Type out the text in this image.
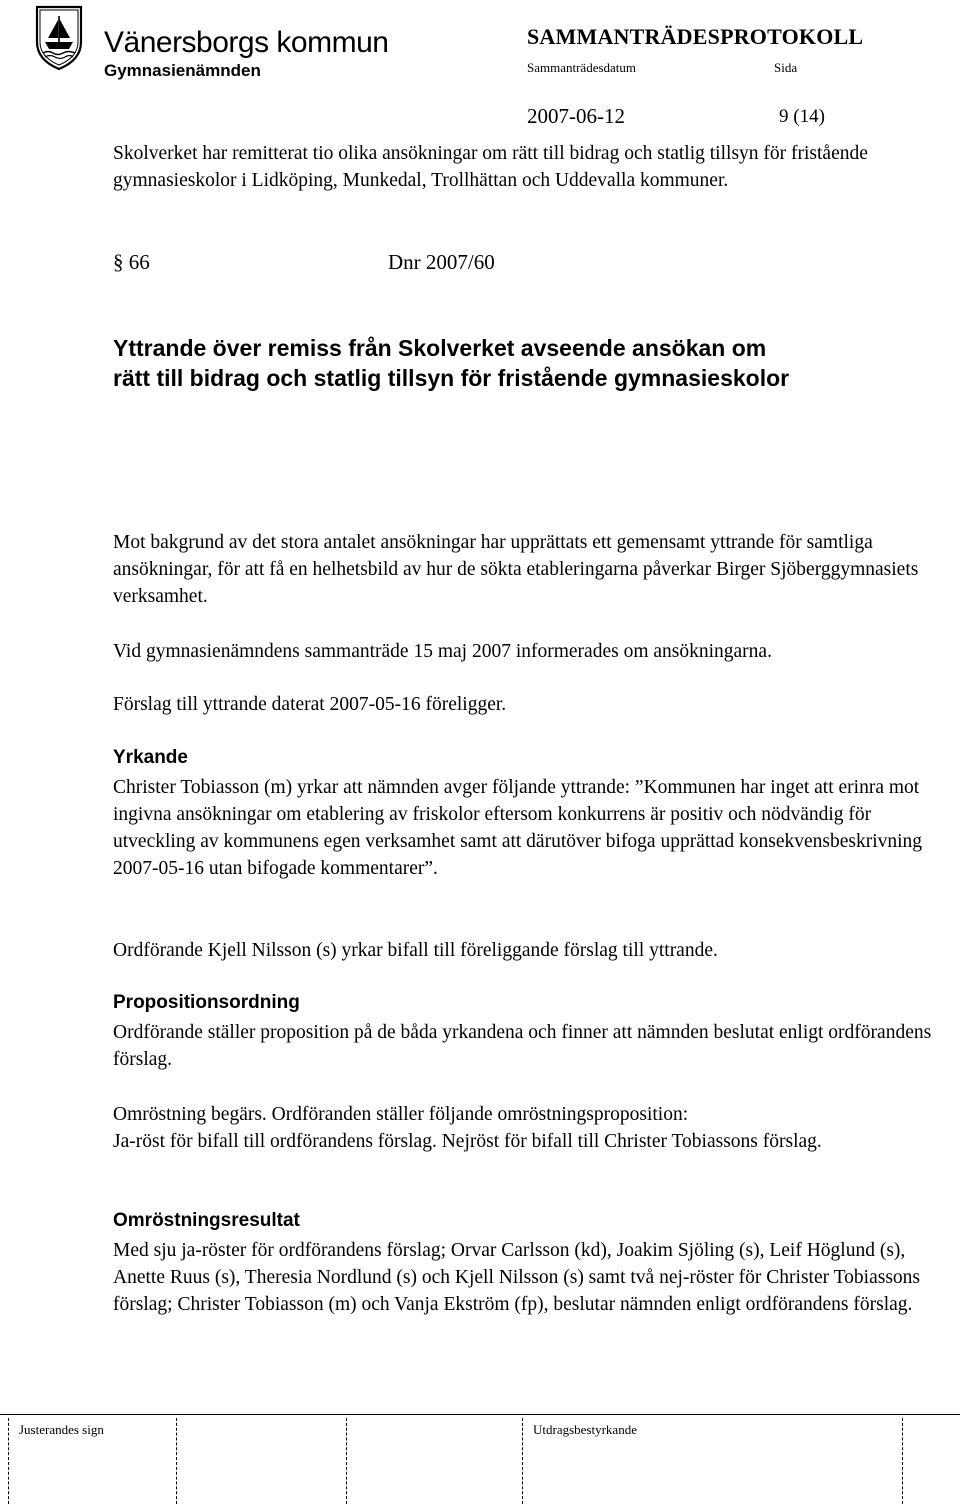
Vänersborgs kommun
Gymnasienämnden
SAMMANTRÄDESPROTOKOLL
Sammanträdesdatum	Sida
2007-06-12	9 (14)
§ 66	Dnr 2007/60
Yttrande över remiss från Skolverket avseende ansökan om
rätt till bidrag och statlig tillsyn för fristående gymnasieskolor

Skolverket har remitterat tio olika ansökningar om rätt till bidrag och statlig tillsyn för fristående gymnasieskolor i Lidköping, Munkedal, Trollhättan och Uddevalla kommuner.

Mot bakgrund av det stora antalet ansökningar har upprättats ett gemensamt yttrande för samtliga ansökningar, för att få en helhetsbild av hur de sökta etableringarna påverkar Birger Sjöberggymnasiets verksamhet.

Vid gymnasienämndens sammanträde 15 maj 2007 informerades om ansökningarna.

Förslag till yttrande daterat 2007-05-16 föreligger.

Yrkande

Christer Tobiasson (m) yrkar att nämnden avger följande yttrande: ”Kommunen har inget att erinra mot ingivna ansökningar om etablering av friskolor eftersom konkurrens är positiv och nödvändig för utveckling av kommunens egen verksamhet samt att därutöver bifoga upprättad konsekvensbeskrivning 2007-05-16 utan bifogade kommentarer”.

Ordförande Kjell Nilsson (s) yrkar bifall till föreliggande förslag till yttrande.

Propositionsordning

Ordförande ställer proposition på de båda yrkandena och finner att nämnden beslutat enligt ordförandens förslag.

Omröstning begärs. Ordföranden ställer följande omröstningsproposition:

Ja-röst för bifall till ordförandens förslag. Nejröst för bifall till Christer Tobiassons förslag.

Omröstningsresultat

Med sju ja-röster för ordförandens förslag; Orvar Carlsson (kd), Joakim Sjöling (s), Leif Höglund (s), Anette Ruus (s), Theresia Nordlund (s) och Kjell Nilsson (s) samt två nej-röster för Christer Tobiassons förslag; Christer Tobiasson (m) och Vanja Ekström (fp), beslutar nämnden enligt ordförandens förslag.

Justerandes sign	Utdragsbestyrkande
